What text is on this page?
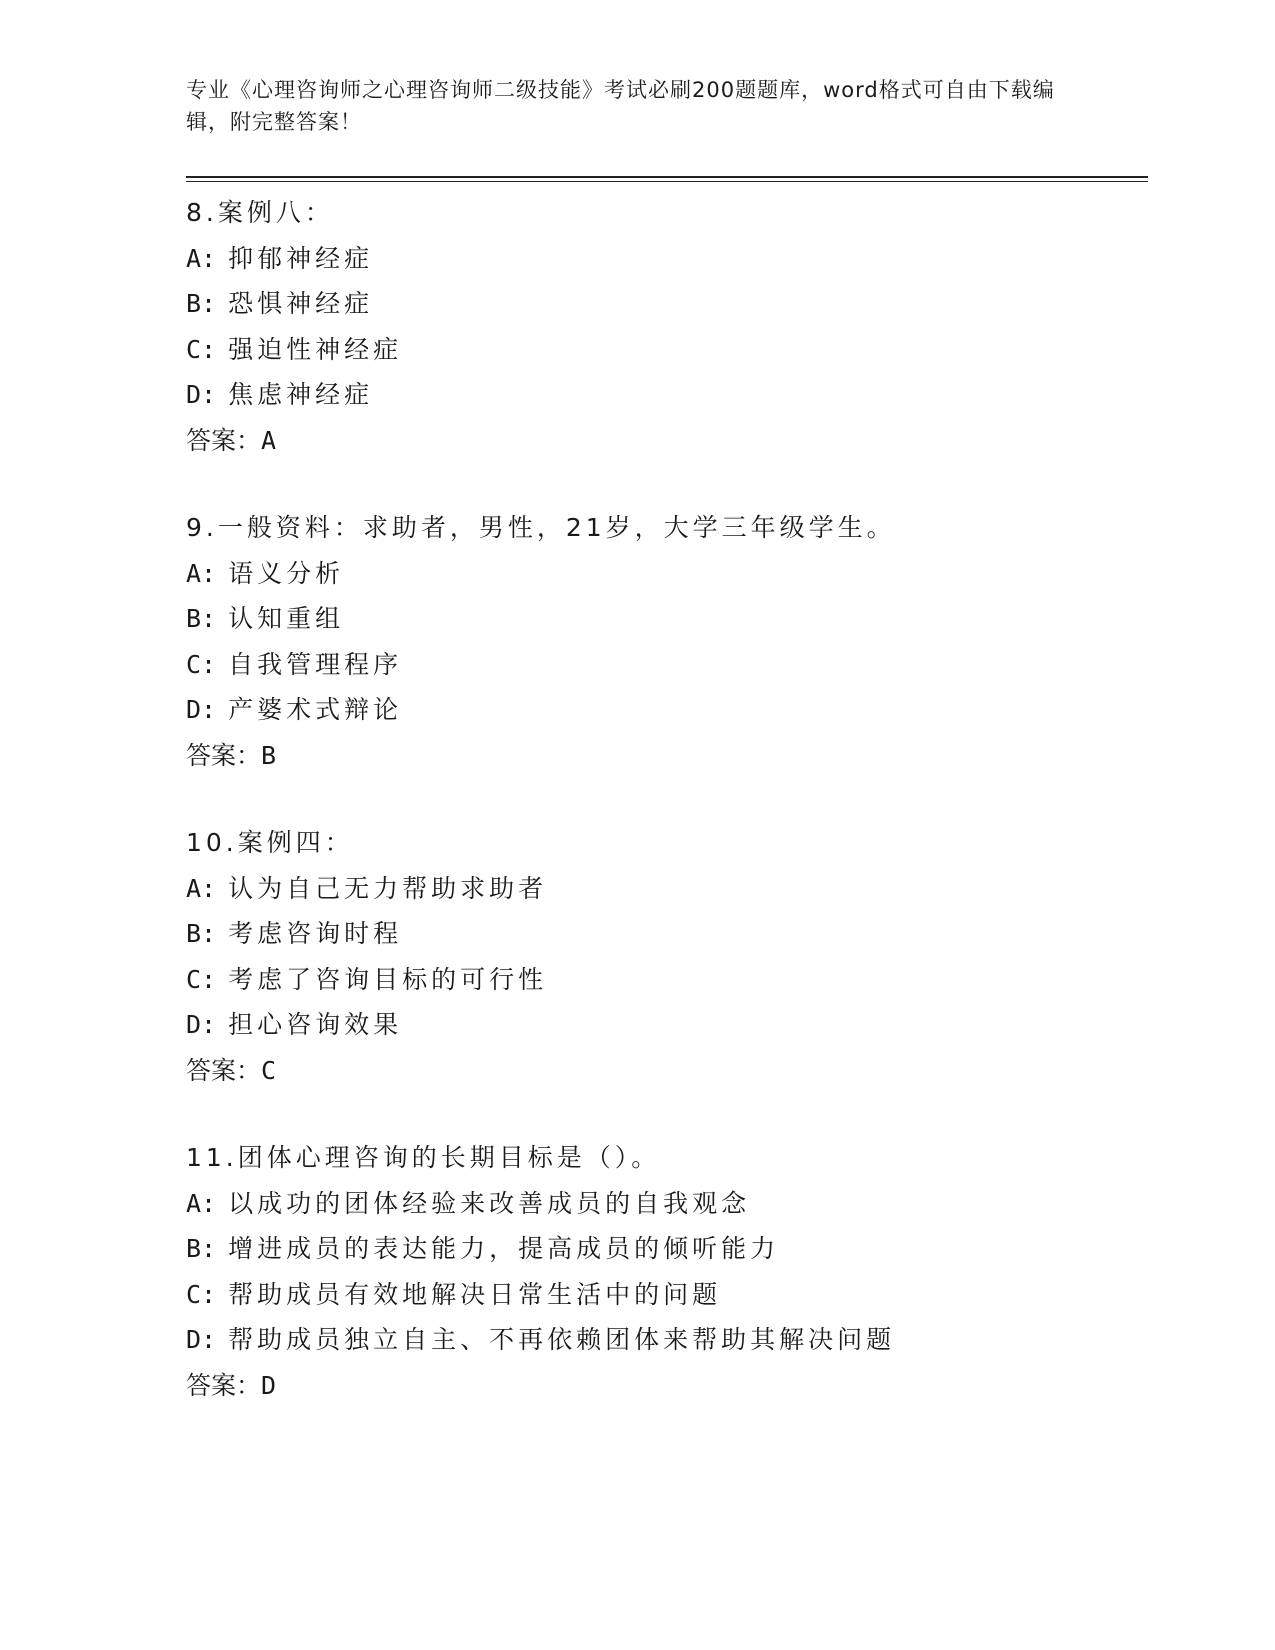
专业《心理咨询师之心理咨询师二级技能》考试必刷200题题库，word格式可自由下载编辑，附完整答案！
8.案例八：
A: 抑郁神经症
B: 恐惧神经症
C: 强迫性神经症
D: 焦虑神经症
答案：A
9.一般资料：求助者，男性，21岁，大学三年级学生。
A: 语义分析
B: 认知重组
C: 自我管理程序
D: 产婆术式辩论
答案：B
10.案例四：
A: 认为自己无力帮助求助者
B: 考虑咨询时程
C: 考虑了咨询目标的可行性
D: 担心咨询效果
答案：C
11.团体心理咨询的长期目标是（）。
A: 以成功的团体经验来改善成员的自我观念
B: 增进成员的表达能力，提高成员的倾听能力
C: 帮助成员有效地解决日常生活中的问题
D: 帮助成员独立自主、不再依赖团体来帮助其解决问题
答案：D
